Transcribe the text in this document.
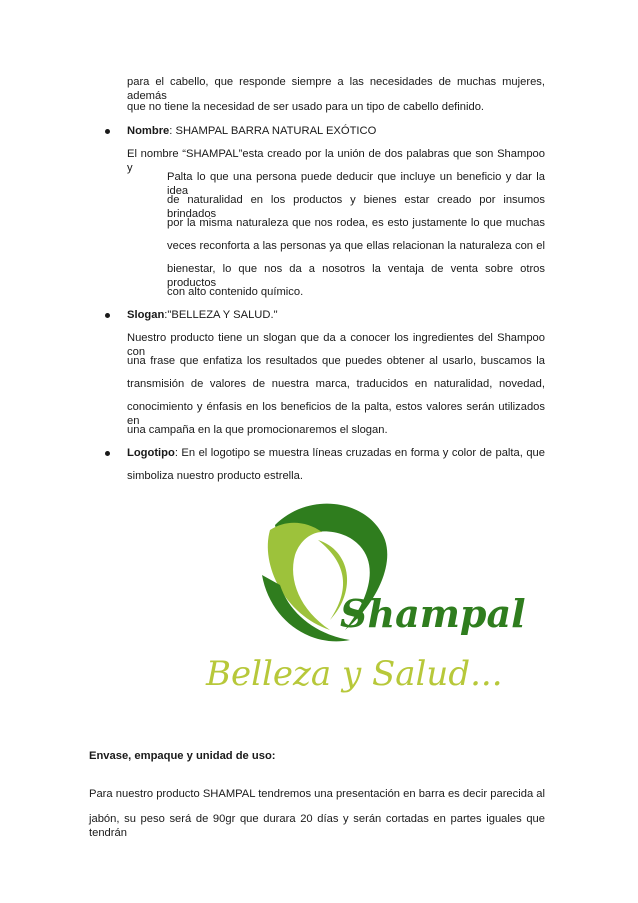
para el cabello, que responde siempre a las necesidades de muchas mujeres, además
que no tiene la necesidad de ser usado para un tipo de cabello definido.
Nombre: SHAMPAL BARRA NATURAL EXÓTICO
El nombre “SHAMPAL”esta creado por la unión de dos palabras que son Shampoo y
Palta lo que una persona puede deducir que incluye un beneficio y dar la idea
de naturalidad en los productos y bienes estar creado por insumos brindados
por la misma naturaleza que nos rodea, es esto justamente lo que muchas
veces reconforta a las personas ya que ellas relacionan la naturaleza con el
bienestar, lo que nos da a nosotros la ventaja de venta sobre otros productos
con alto contenido químico.
Slogan:"BELLEZA Y SALUD."
Nuestro producto tiene un slogan que da a conocer los ingredientes del Shampoo con
una frase que enfatiza los resultados que puedes obtener al usarlo, buscamos la
transmisión de valores de nuestra marca, traducidos en naturalidad, novedad,
conocimiento y énfasis en los beneficios de la palta, estos valores serán utilizados en
una campaña en la que promocionaremos el slogan.
Logotipo: En el logotipo se muestra líneas cruzadas en forma y color de palta, que
simboliza nuestro producto estrella.
Shampal
Belleza y Salud...
Envase, empaque y unidad de uso:
Para nuestro producto SHAMPAL tendremos una presentación en barra es decir parecida al
jabón, su peso será de 90gr que durara 20 días y serán cortadas en partes iguales que tendrán
